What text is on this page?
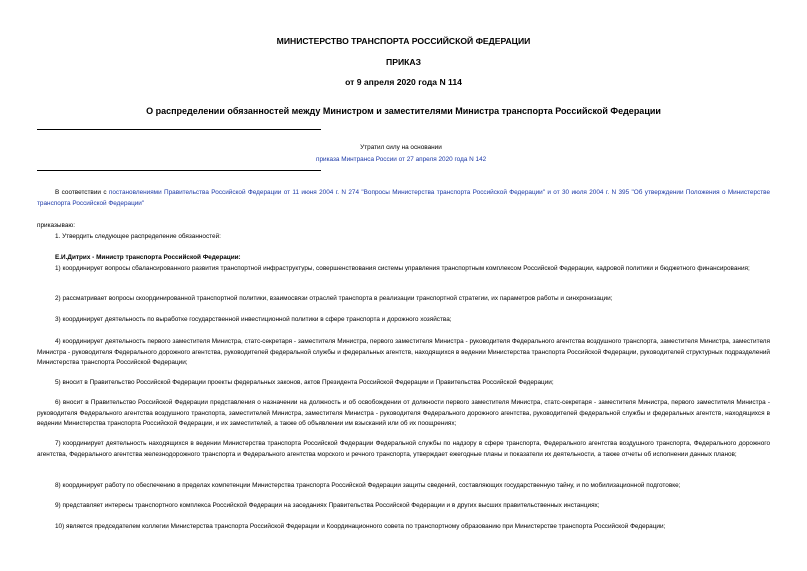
МИНИСТЕРСТВО ТРАНСПОРТА РОССИЙСКОЙ ФЕДЕРАЦИИ
ПРИКАЗ
от 9 апреля 2020 года N 114
О распределении обязанностей между Министром и заместителями Министра транспорта Российской Федерации
Утратил силу на основании
приказа Минтранса России от 27 апреля 2020 года N 142
В соответствии с постановлениями Правительства Российской Федерации от 11 июня 2004 г. N 274 "Вопросы Министерства транспорта Российской Федерации" и от 30 июля 2004 г. N 395 "Об утверждении Положения о Министерстве транспорта Российской Федерации"
приказываю:
1. Утвердить следующее распределение обязанностей:
Е.И.Дитрих - Министр транспорта Российской Федерации:
1) координирует вопросы сбалансированного развития транспортной инфраструктуры, совершенствования системы управления транспортным комплексом Российской Федерации, кадровой политики и бюджетного финансирования;
2) рассматривает вопросы скоординированной транспортной политики, взаимосвязи отраслей транспорта в реализации транспортной стратегии, их параметров работы и синхронизации;
3) координирует деятельность по выработке государственной инвестиционной политики в сфере транспорта и дорожного хозяйства;
4) координирует деятельность первого заместителя Министра, статс-секретаря - заместителя Министра, первого заместителя Министра - руководителя Федерального агентства воздушного транспорта, заместителя Министра, заместителя Министра - руководителя Федерального дорожного агентства, руководителей федеральной службы и федеральных агентств, находящихся в ведении Министерства транспорта Российской Федерации, руководителей структурных подразделений Министерства транспорта Российской Федерации;
5) вносит в Правительство Российской Федерации проекты федеральных законов, актов Президента Российской Федерации и Правительства Российской Федерации;
6) вносит в Правительство Российской Федерации представления о назначении на должность и об освобождении от должности первого заместителя Министра, статс-секретаря - заместителя Министра, первого заместителя Министра - руководителя Федерального агентства воздушного транспорта, заместителей Министра, заместителя Министра - руководителя Федерального дорожного агентства, руководителей федеральной службы и федеральных агентств, находящихся в ведении Министерства транспорта Российской Федерации, и их заместителей, а также об объявлении им взысканий или об их поощрениях;
7) координирует деятельность находящихся в ведении Министерства транспорта Российской Федерации Федеральной службы по надзору в сфере транспорта, Федерального агентства воздушного транспорта, Федерального дорожного агентства, Федерального агентства железнодорожного транспорта и Федерального агентства морского и речного транспорта, утверждает ежегодные планы и показатели их деятельности, а также отчеты об исполнении данных планов;
8) координирует работу по обеспечению в пределах компетенции Министерства транспорта Российской Федерации защиты сведений, составляющих государственную тайну, и по мобилизационной подготовке;
9) представляет интересы транспортного комплекса Российской Федерации на заседаниях Правительства Российской Федерации и в других высших правительственных инстанциях;
10) является председателем коллегии Министерства транспорта Российской Федерации и Координационного совета по транспортному образованию при Министерстве транспорта Российской Федерации;
